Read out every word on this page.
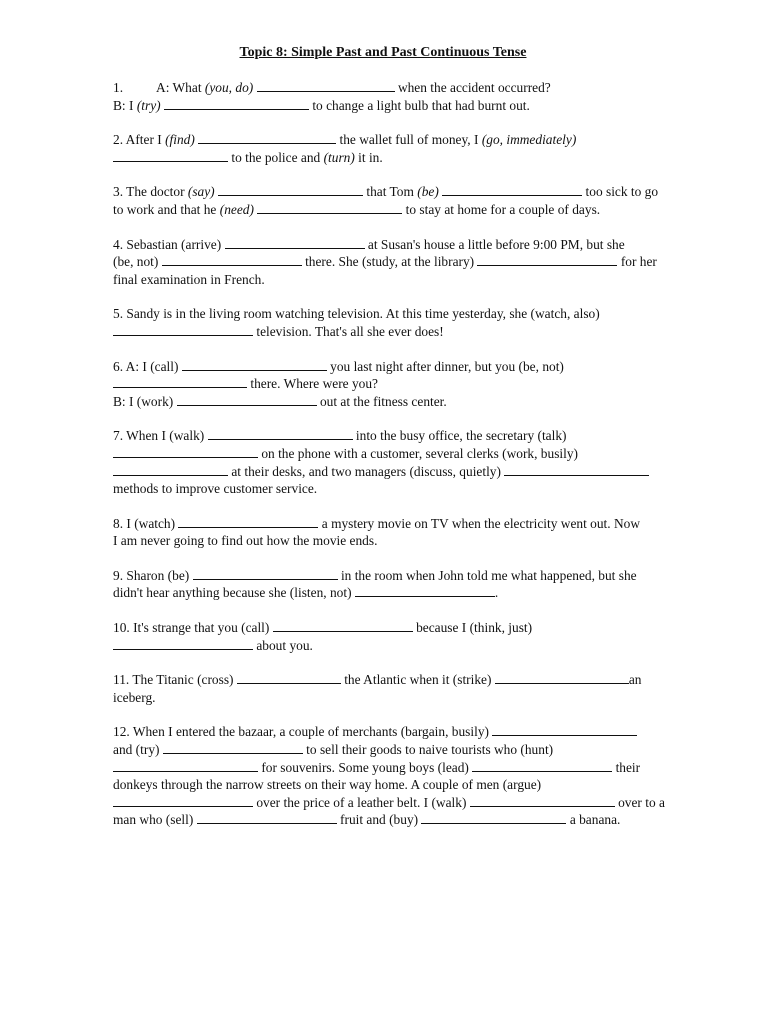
Topic 8: Simple Past and Past Continuous Tense
1. A: What (you, do)	when the accident occurred?
B: I (try)	to change a light bulb that had burnt out.
2. After I (find)	the wallet full of money, I (go, immediately)
to the police and (turn) it in.
3. The doctor (say)	that Tom (be)	too sick to go
to work and that he (need)	to stay at home for a couple of days.
4. Sebastian (arrive)	at Susan's house a little before 9:00 PM, but she
(be, not)	there. She (study, at the library)	for her
final examination in French.
5. Sandy is in the living room watching television. At this time yesterday, she (watch, also)
television. That's all she ever does!
6. A: I (call)	you last night after dinner, but you (be, not)
there. Where were you?
B: I (work)	out at the fitness center.
7. When I (walk)	into the busy office, the secretary (talk)
on the phone with a customer, several clerks (work, busily)
at their desks, and two managers (discuss, quietly)
methods to improve customer service.
8. I (watch)	a mystery movie on TV when the electricity went out. Now
I am never going to find out how the movie ends.
9. Sharon (be)	in the room when John told me what happened, but she
didn't hear anything because she (listen, not)	.
10. It's strange that you (call)	because I (think, just)
about you.
11. The Titanic (cross)	the Atlantic when it (strike)	an
iceberg.
12. When I entered the bazaar, a couple of merchants (bargain, busily)
and (try)	to sell their goods to naive tourists who (hunt)
for souvenirs. Some young boys (lead)	their
donkeys through the narrow streets on their way home. A couple of men (argue)
over the price of a leather belt. I (walk)	over to a
man who (sell)	fruit and (buy)	a banana.
